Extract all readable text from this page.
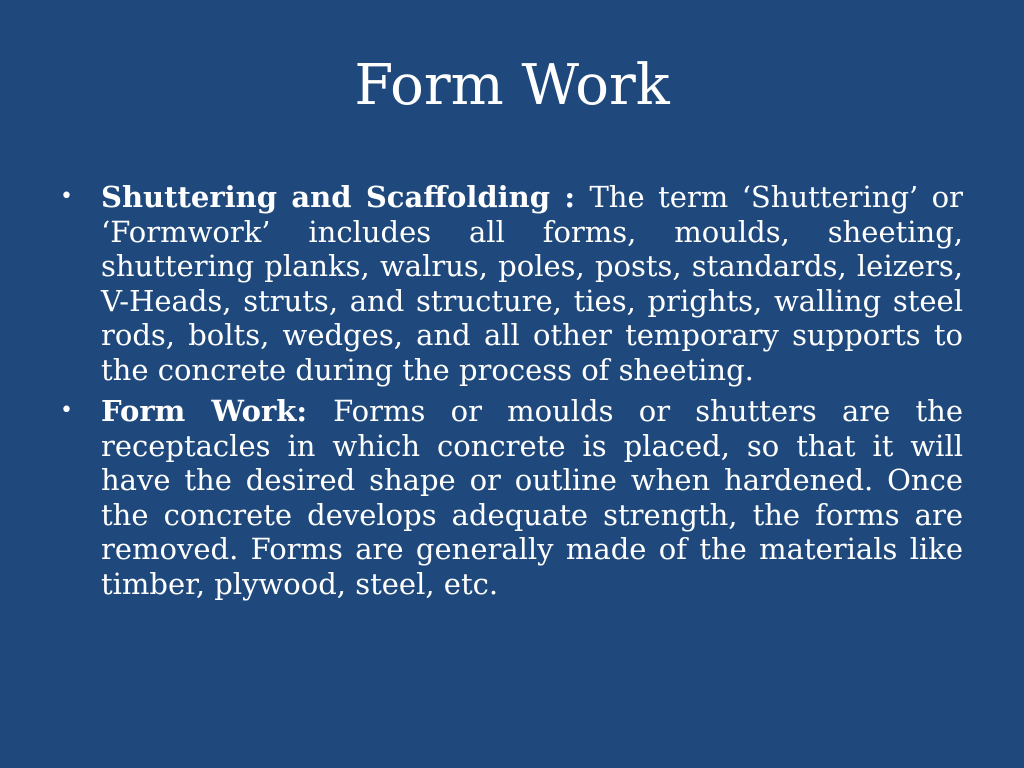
Form Work
• Shuttering and Scaffolding : The term ‘Shuttering’ or ‘Formwork’ includes all forms, moulds, sheeting, shuttering planks, walrus, poles, posts, standards, leizers, V-Heads, struts, and structure, ties, prights, walling steel rods, bolts, wedges, and all other temporary supports to the concrete during the process of sheeting.
• Form Work: Forms or moulds or shutters are the receptacles in which concrete is placed, so that it will have the desired shape or outline when hardened. Once the concrete develops adequate strength, the forms are removed. Forms are generally made of the materials like timber, plywood, steel, etc.
